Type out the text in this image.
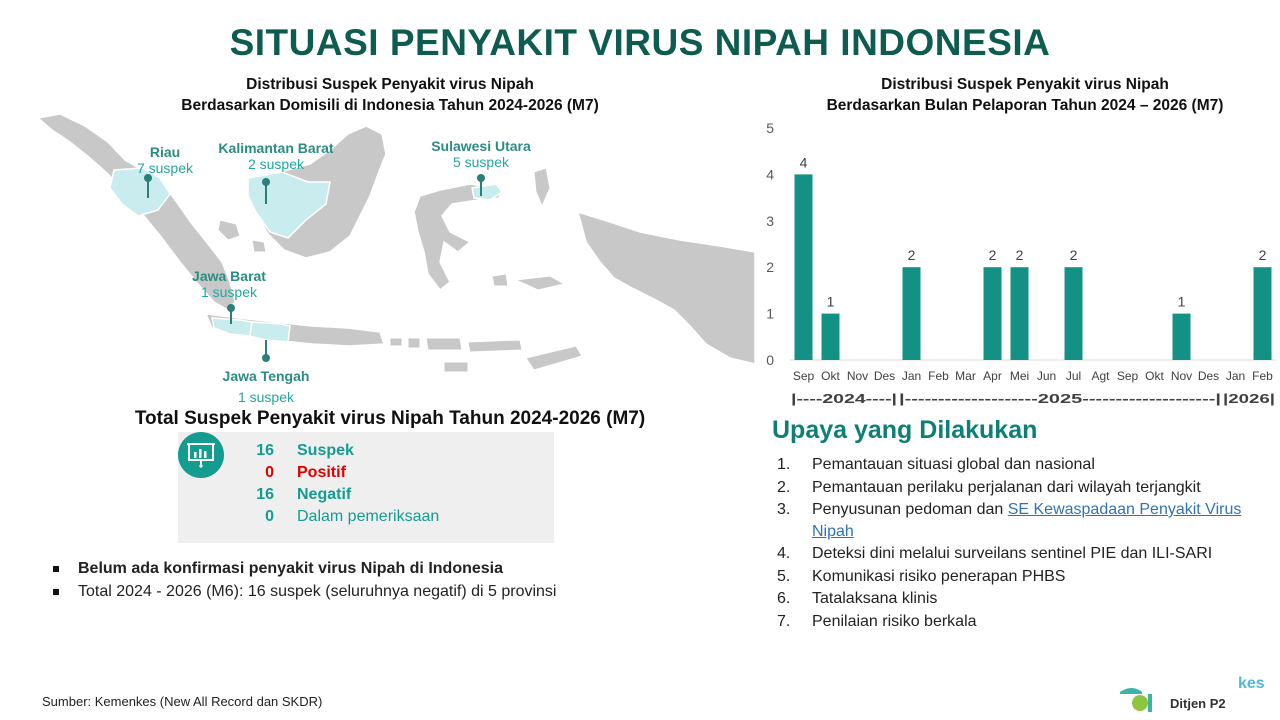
SITUASI PENYAKIT VIRUS NIPAH INDONESIA
Distribusi Suspek Penyakit virus Nipah
Berdasarkan Domisili di Indonesia Tahun 2024-2026 (M7)
Riau
7 suspek
Kalimantan Barat
2 suspek
Sulawesi Utara
5 suspek
Jawa Barat
1 suspek
Jawa Tengah
1 suspek
Distribusi Suspek Penyakit virus Nipah
Berdasarkan Bulan Pelaporan Tahun 2024 – 2026 (M7)
0
1
2
3
4
5
4
Sep
1
Okt Nov Des
2
Jan Feb Mar
2
Apr
2
Mei Jun
2
Jul Agt Sep Okt
1
Nov Des Jan
2
Feb
|----2024----| |--------------------2025--------------------| |2026|
Total Suspek Penyakit virus Nipah Tahun 2024-2026 (M7)
16 Suspek
0 Positif
16 Negatif
0 Dalam pemeriksaan
Belum ada konfirmasi penyakit virus Nipah di Indonesia
Total 2024 - 2026 (M6): 16 suspek (seluruhnya negatif) di 5 provinsi
Upaya yang Dilakukan
1. Pemantauan situasi global dan nasional
2. Pemantauan perilaku perjalanan dari wilayah terjangkit
3. Penyusunan pedoman dan SE Kewaspadaan Penyakit Virus Nipah
4. Deteksi dini melalui surveilans sentinel PIE dan ILI-SARI
5. Komunikasi risiko penerapan PHBS
6. Tatalaksana klinis
7. Penilaian risiko berkala
Sumber: Kemenkes (New All Record dan SKDR)	Ditjen P2
kes
